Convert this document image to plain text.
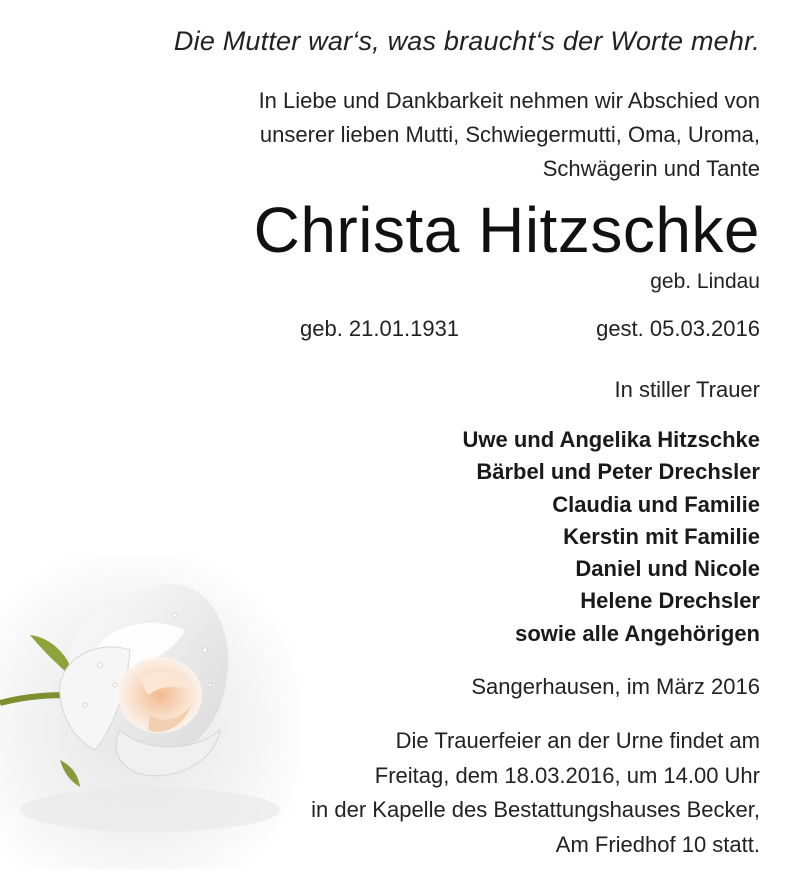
Die Mutter war‘s, was braucht‘s der Worte mehr.
In Liebe und Dankbarkeit nehmen wir Abschied von
unserer lieben Mutti, Schwiegermutti, Oma, Uroma,
Schwägerin und Tante
Christa Hitzschke
geb. Lindau
geb. 21.01.1931	gest. 05.03.2016
In stiller Trauer
Uwe und Angelika Hitzschke
Bärbel und Peter Drechsler
Claudia und Familie
Kerstin mit Familie
Daniel und Nicole
Helene Drechsler
sowie alle Angehörigen
Sangerhausen, im März 2016
Die Trauerfeier an der Urne findet am
Freitag, dem 18.03.2016, um 14.00 Uhr
in der Kapelle des Bestattungshauses Becker,
Am Friedhof 10 statt.
